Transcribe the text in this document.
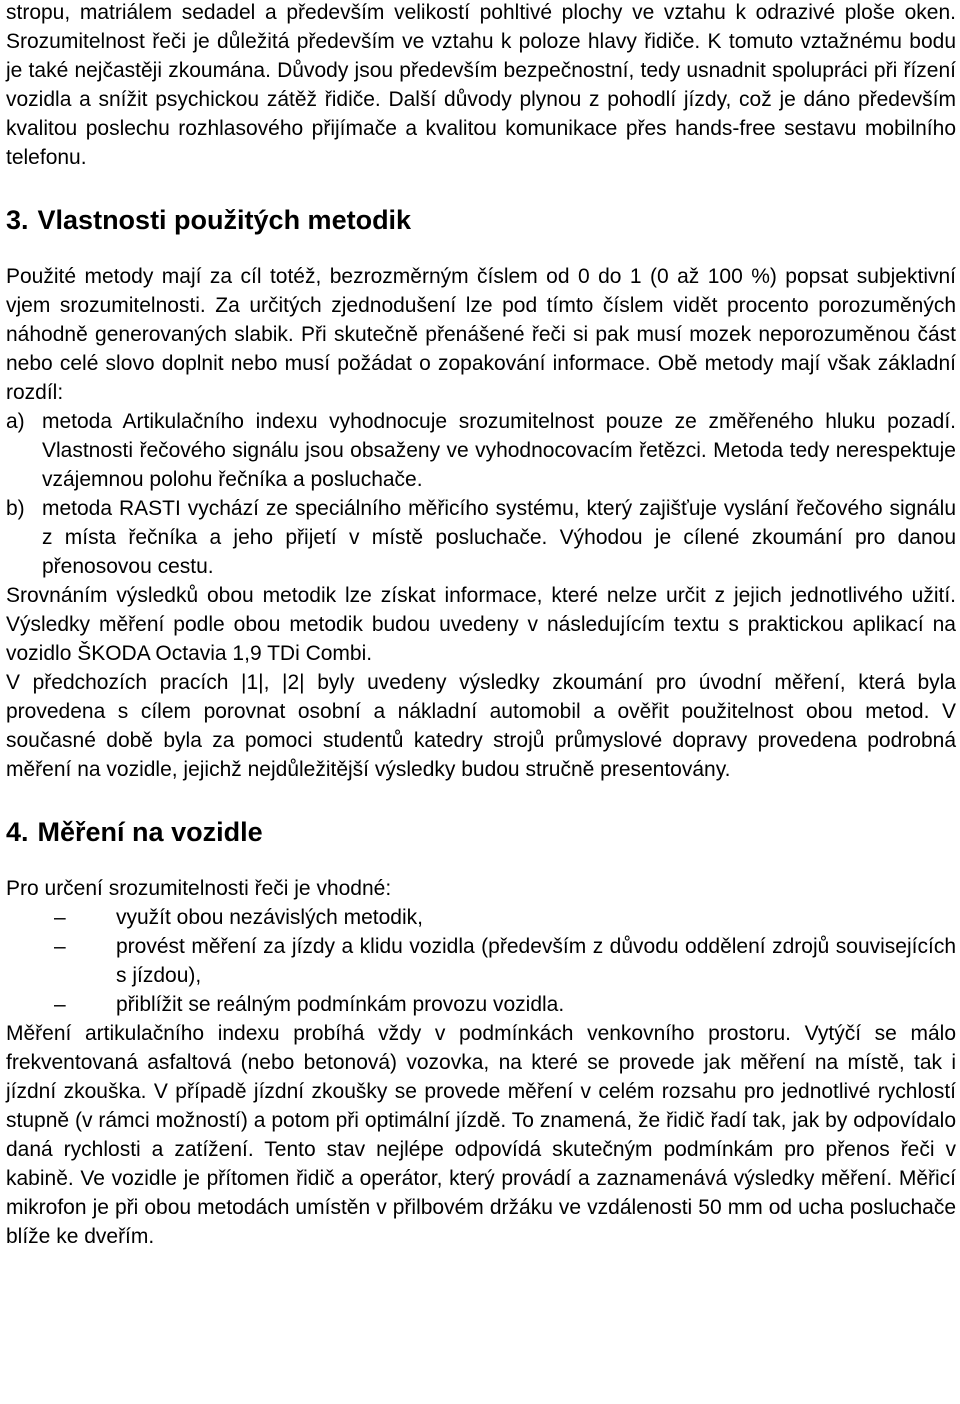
stropu, matriálem sedadel a především velikostí pohltivé plochy ve vztahu k odrazivé ploše oken. Srozumitelnost řeči je důležitá především ve vztahu k poloze hlavy řidiče. K tomuto vztažnému bodu je také nejčastěji zkoumána. Důvody jsou především bezpečnostní, tedy usnadnit spolupráci při řízení vozidla a snížit psychickou zátěž řidiče. Další důvody plynou z pohodlí jízdy, což je dáno především kvalitou poslechu rozhlasového přijímače a kvalitou komunikace přes hands-free sestavu mobilního telefonu.

3. Vlastnosti použitých metodik

Použité metody mají za cíl totéž, bezrozměrným číslem od 0 do 1 (0 až 100 %) popsat subjektivní vjem srozumitelnosti. Za určitých zjednodušení lze pod tímto číslem vidět procento porozuměných náhodně generovaných slabik. Při skutečně přenášené řeči si pak musí mozek neporozuměnou část nebo celé slovo doplnit nebo musí požádat o zopakování informace. Obě metody mají však základní rozdíl:

a) metoda Artikulačního indexu vyhodnocuje srozumitelnost pouze ze změřeného hluku pozadí. Vlastnosti řečového signálu jsou obsaženy ve vyhodnocovacím řetězci. Metoda tedy nerespektuje vzájemnou polohu řečníka a posluchače.
b) metoda RASTI vychází ze speciálního měřicího systému, který zajišťuje vyslání řečového signálu z místa řečníka a jeho přijetí v místě posluchače. Výhodou je cílené zkoumání pro danou přenosovou cestu.

Srovnáním výsledků obou metodik lze získat informace, které nelze určit z jejich jednotlivého užití. Výsledky měření podle obou metodik budou uvedeny v následujícím textu s praktickou aplikací na vozidlo ŠKODA Octavia 1,9 TDi Combi.

V předchozích pracích |1|, |2| byly uvedeny výsledky zkoumání pro úvodní měření, která byla provedena s cílem porovnat osobní a nákladní automobil a ověřit použitelnost obou metod. V současné době byla za pomoci studentů katedry strojů průmyslové dopravy provedena podrobná měření na vozidle, jejichž nejdůležitější výsledky budou stručně presentovány.

4. Měření na vozidle

Pro určení srozumitelnosti řeči je vhodné:

– využít obou nezávislých metodik,
– provést měření za jízdy a klidu vozidla (především z důvodu oddělení zdrojů souvisejících s jízdou),
– přiblížit se reálným podmínkám provozu vozidla.

Měření artikulačního indexu probíhá vždy v podmínkách venkovního prostoru. Vytýčí se málo frekventovaná asfaltová (nebo betonová) vozovka, na které se provede jak měření na místě, tak i jízdní zkouška. V případě jízdní zkoušky se provede měření v celém rozsahu pro jednotlivé rychlostí stupně (v rámci možností) a potom při optimální jízdě. To znamená, že řidič řadí tak, jak by odpovídalo daná rychlosti a zatížení. Tento stav nejlépe odpovídá skutečným podmínkám pro přenos řeči v kabině. Ve vozidle je přítomen řidič a operátor, který provádí a zaznamenává výsledky měření. Měřicí mikrofon je při obou metodách umístěn v přilbovém držáku ve vzdálenosti 50 mm od ucha posluchače blíže ke dveřím.
